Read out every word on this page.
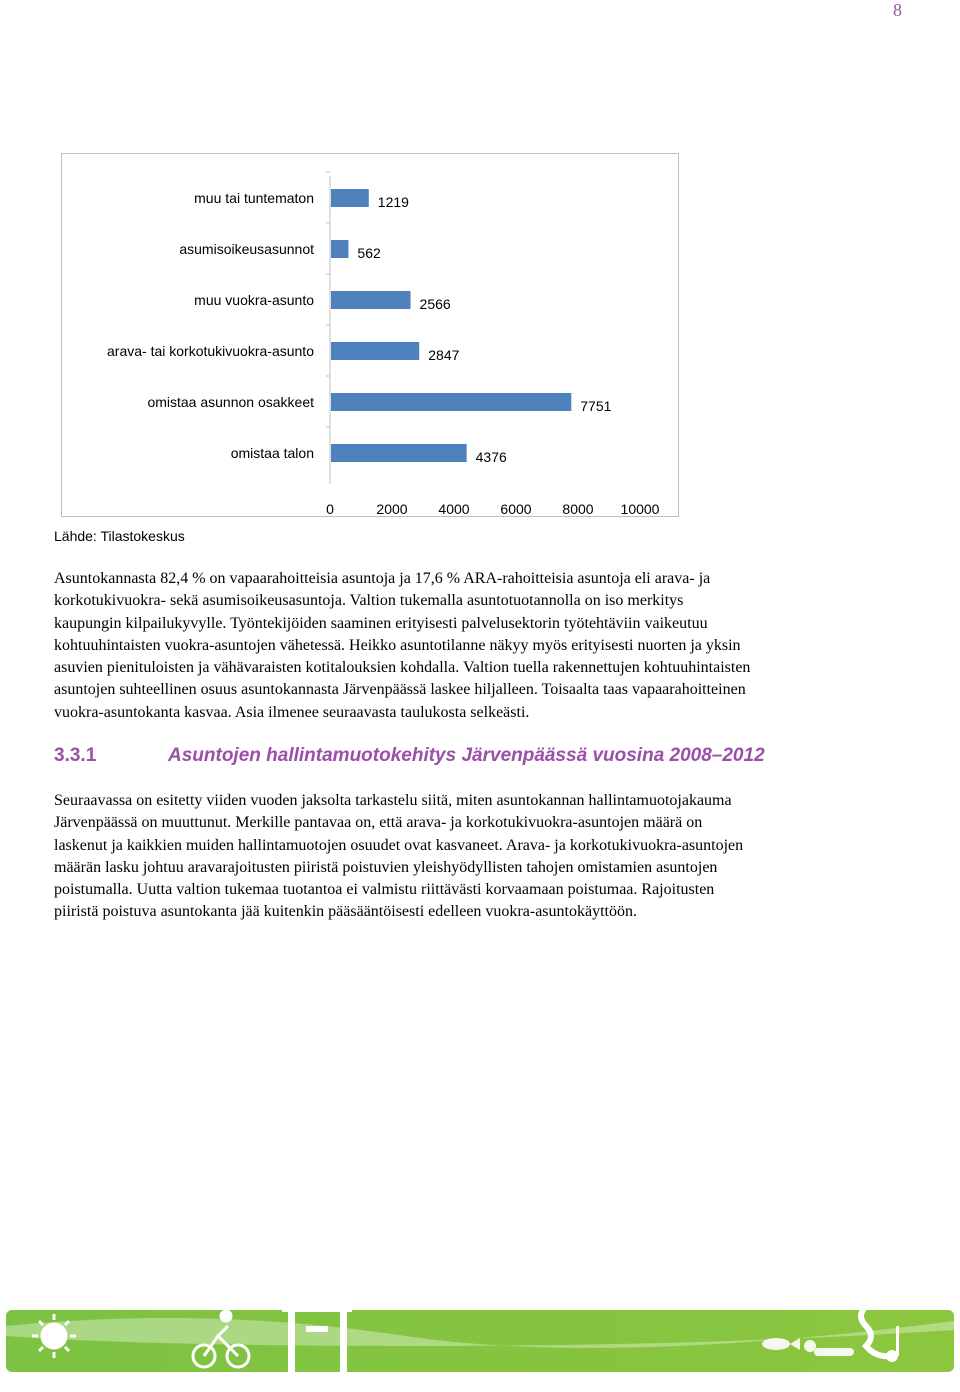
8
muu tai tuntematon	1219
asumisoikeusasunnot	562
muu vuokra-asunto	2566
arava- tai korkotukivuokra-asunto	2847
omistaa asunnon osakkeet	7751
omistaa talon	4376
0	2000 4000 6000 8000 10000
Lähde: Tilastokeskus

Asuntokannasta 82,4 % on vapaarahoitteisia asuntoja ja 17,6 % ARA-rahoitteisia asuntoja eli arava- ja
korkotukivuokra- sekä asumisoikeusasuntoja. Valtion tukemalla asuntotuotannolla on iso merkitys
kaupungin kilpailukyvylle. Työntekijöiden saaminen erityisesti palvelusektorin työtehtäviin vaikeutuu
kohtuuhintaisten vuokra-asuntojen vähetessä. Heikko asuntotilanne näkyy myös erityisesti nuorten ja yksin
asuvien pienituloisten ja vähävaraisten kotitalouksien kohdalla. Valtion tuella rakennettujen kohtuuhintaisten
asuntojen suhteellinen osuus asuntokannasta Järvenpäässä laskee hiljalleen. Toisaalta taas vapaarahoitteinen
vuokra-asuntokanta kasvaa. Asia ilmenee seuraavasta taulukosta selkeästi.

3.3.1	Asuntojen hallintamuotokehitys Järvenpäässä vuosina 2008–2012

Seuraavassa on esitetty viiden vuoden jaksolta tarkastelu siitä, miten asuntokannan hallintamuotojakauma
Järvenpäässä on muuttunut. Merkille pantavaa on, että arava- ja korkotukivuokra-asuntojen määrä on
laskenut ja kaikkien muiden hallintamuotojen osuudet ovat kasvaneet. Arava- ja korkotukivuokra-asuntojen
määrän lasku johtuu aravarajoitusten piiristä poistuvien yleishyödyllisten tahojen omistamien asuntojen
poistumalla. Uutta valtion tukemaa tuotantoa ei valmistu riittävästi korvaamaan poistumaa. Rajoitusten
piiristä poistuva asuntokanta jää kuitenkin pääsääntöisesti edelleen vuokra-asuntokäyttöön.
